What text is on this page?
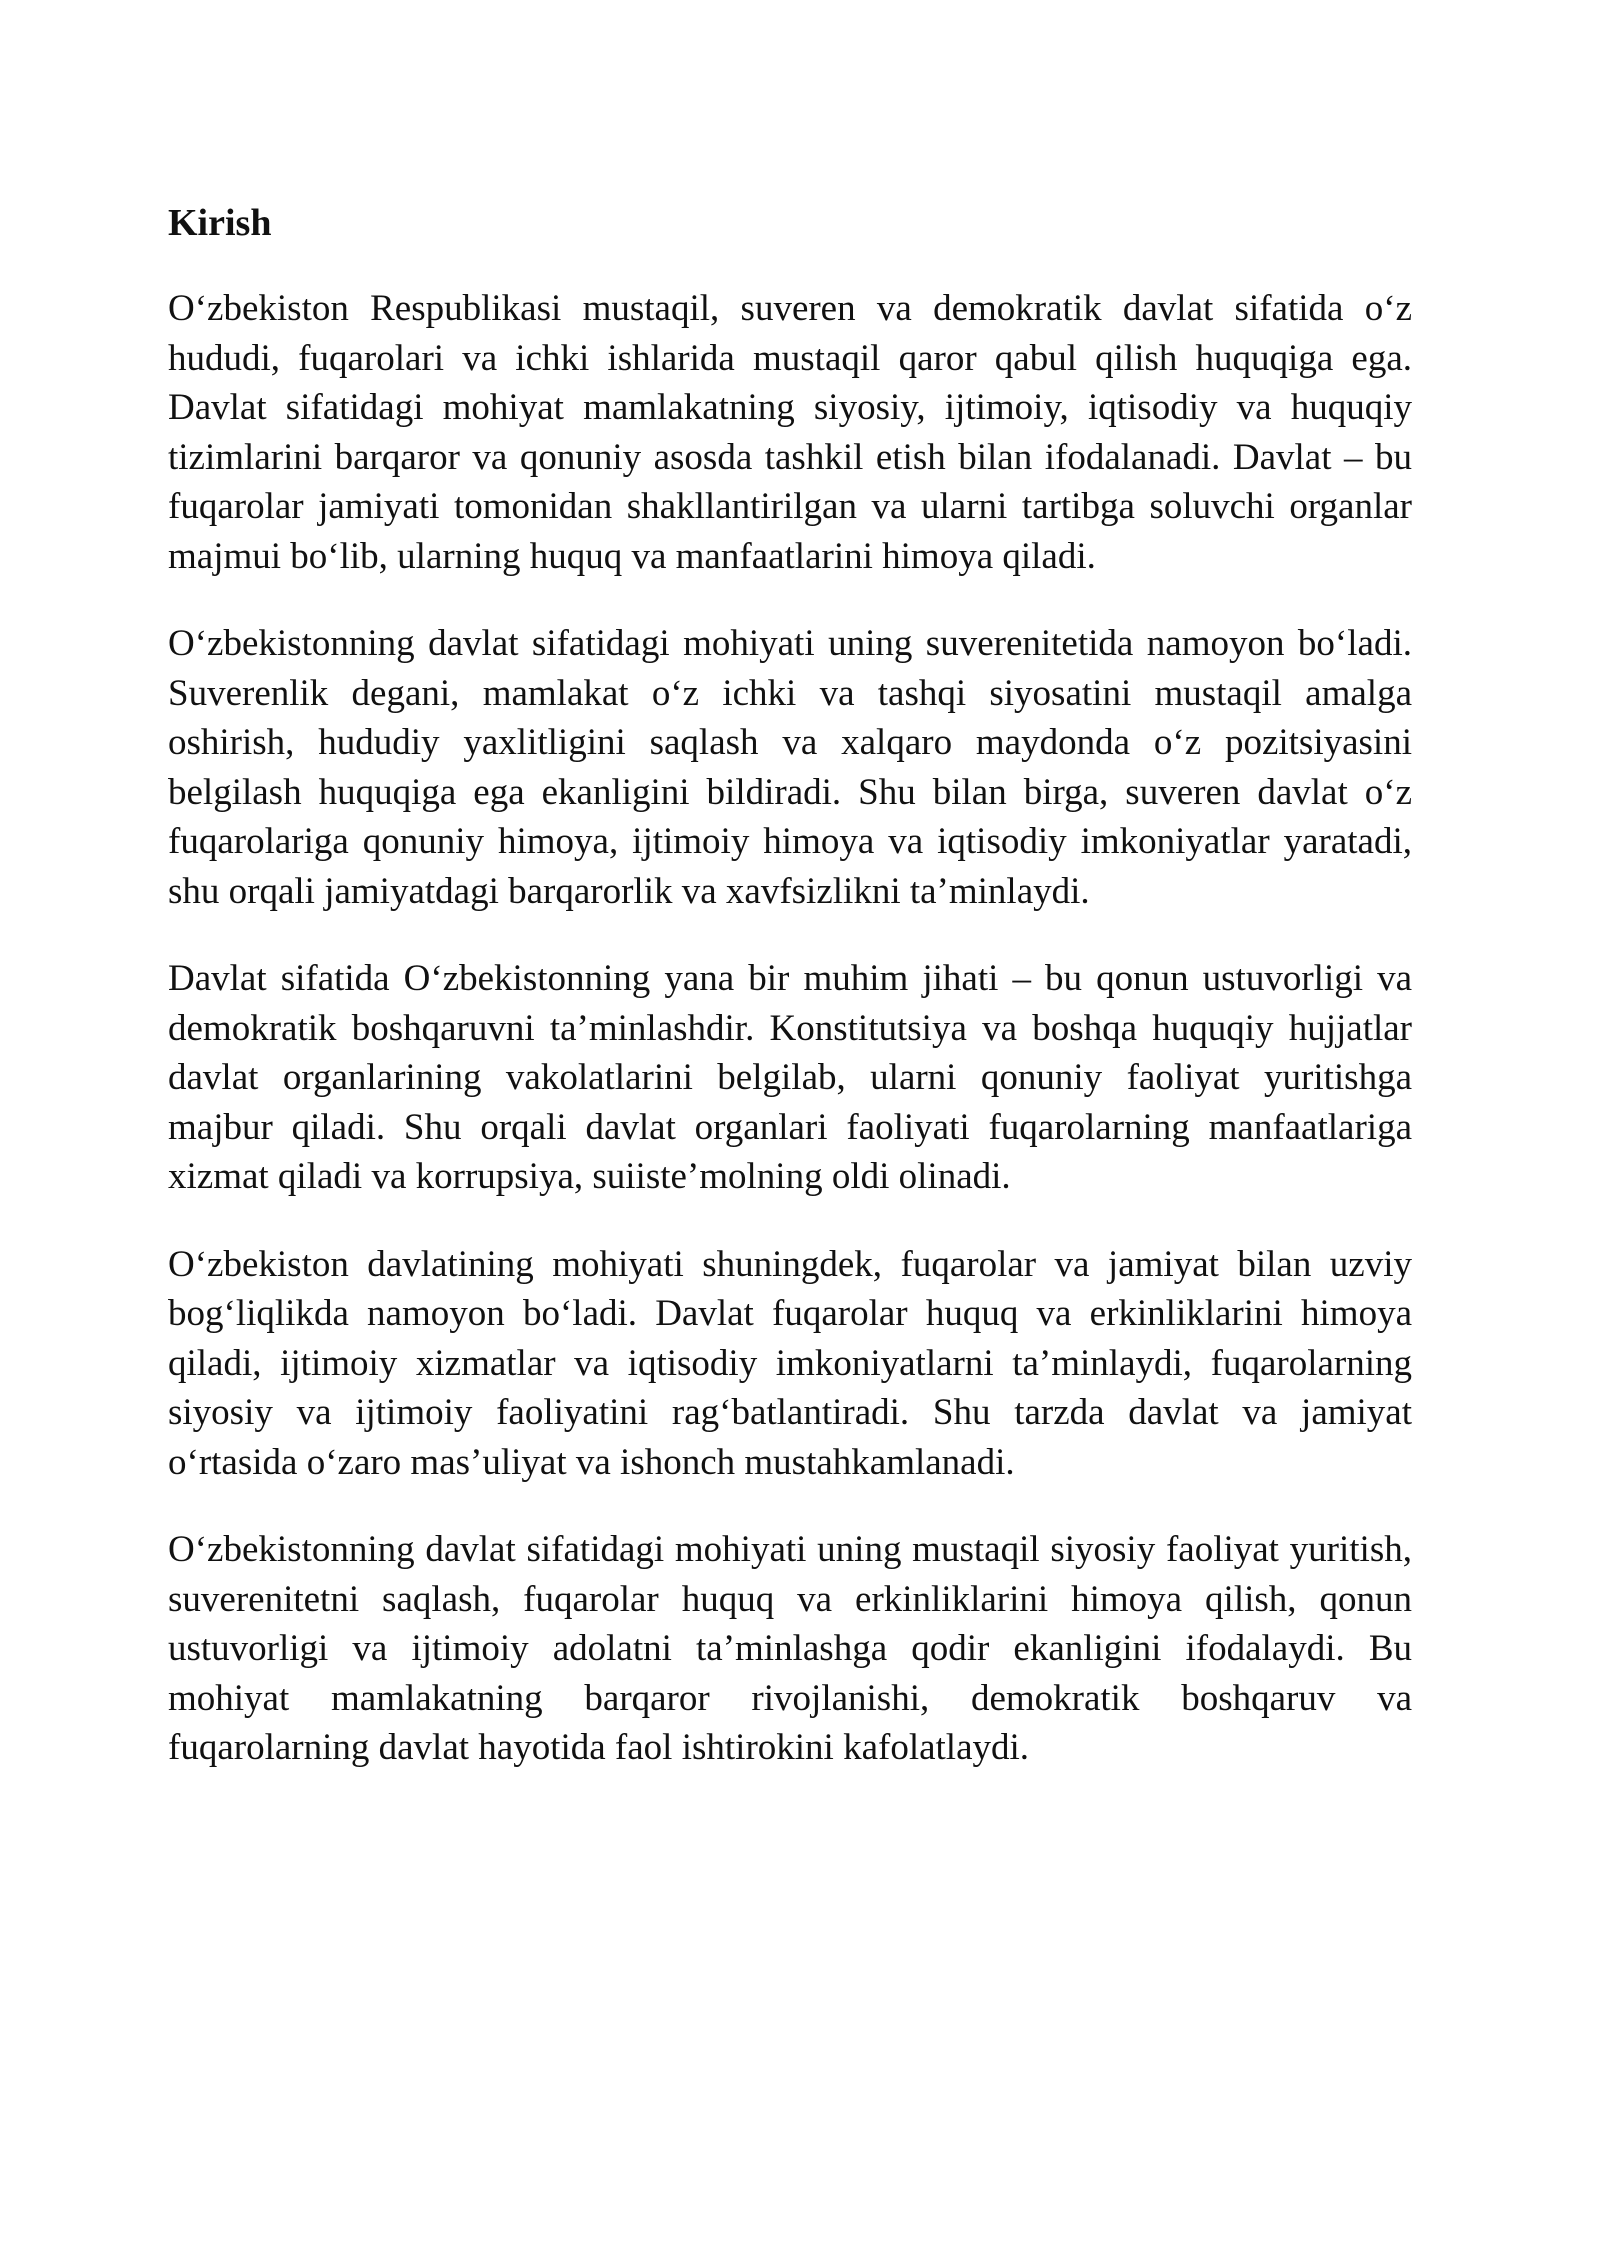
Kirish

O‘zbekiston Respublikasi mustaqil, suveren va demokratik davlat sifatida o‘z hududi, fuqarolari va ichki ishlarida mustaqil qaror qabul qilish huquqiga ega. Davlat sifatidagi mohiyat mamlakatning siyosiy, ijtimoiy, iqtisodiy va huquqiy tizimlarini barqaror va qonuniy asosda tashkil etish bilan ifodalanadi. Davlat – bu fuqarolar jamiyati tomonidan shakllantirilgan va ularni tartibga soluvchi organlar majmui bo‘lib, ularning huquq va manfaatlarini himoya qiladi.

O‘zbekistonning davlat sifatidagi mohiyati uning suverenitetida namoyon bo‘ladi. Suverenlik degani, mamlakat o‘z ichki va tashqi siyosatini mustaqil amalga oshirish, hududiy yaxlitligini saqlash va xalqaro maydonda o‘z pozitsiyasini belgilash huquqiga ega ekanligini bildiradi. Shu bilan birga, suveren davlat o‘z fuqarolariga qonuniy himoya, ijtimoiy himoya va iqtisodiy imkoniyatlar yaratadi, shu orqali jamiyatdagi barqarorlik va xavfsizlikni ta’minlaydi.

Davlat sifatida O‘zbekistonning yana bir muhim jihati – bu qonun ustuvorligi va demokratik boshqaruvni ta’minlashdir. Konstitutsiya va boshqa huquqiy hujjatlar davlat organlarining vakolatlarini belgilab, ularni qonuniy faoliyat yuritishga majbur qiladi. Shu orqali davlat organlari faoliyati fuqarolarning manfaatlariga xizmat qiladi va korrupsiya, suiiste’molning oldi olinadi.

O‘zbekiston davlatining mohiyati shuningdek, fuqarolar va jamiyat bilan uzviy bog‘liqlikda namoyon bo‘ladi. Davlat fuqarolar huquq va erkinliklarini himoya qiladi, ijtimoiy xizmatlar va iqtisodiy imkoniyatlarni ta’minlaydi, fuqarolarning siyosiy va ijtimoiy faoliyatini rag‘batlantiradi. Shu tarzda davlat va jamiyat o‘rtasida o‘zaro mas’uliyat va ishonch mustahkamlanadi.

O‘zbekistonning davlat sifatidagi mohiyati uning mustaqil siyosiy faoliyat yuritish, suverenitetni saqlash, fuqarolar huquq va erkinliklarini himoya qilish, qonun ustuvorligi va ijtimoiy adolatni ta’minlashga qodir ekanligini ifodalaydi. Bu mohiyat mamlakatning barqaror rivojlanishi, demokratik boshqaruv va fuqarolarning davlat hayotida faol ishtirokini kafolatlaydi.
